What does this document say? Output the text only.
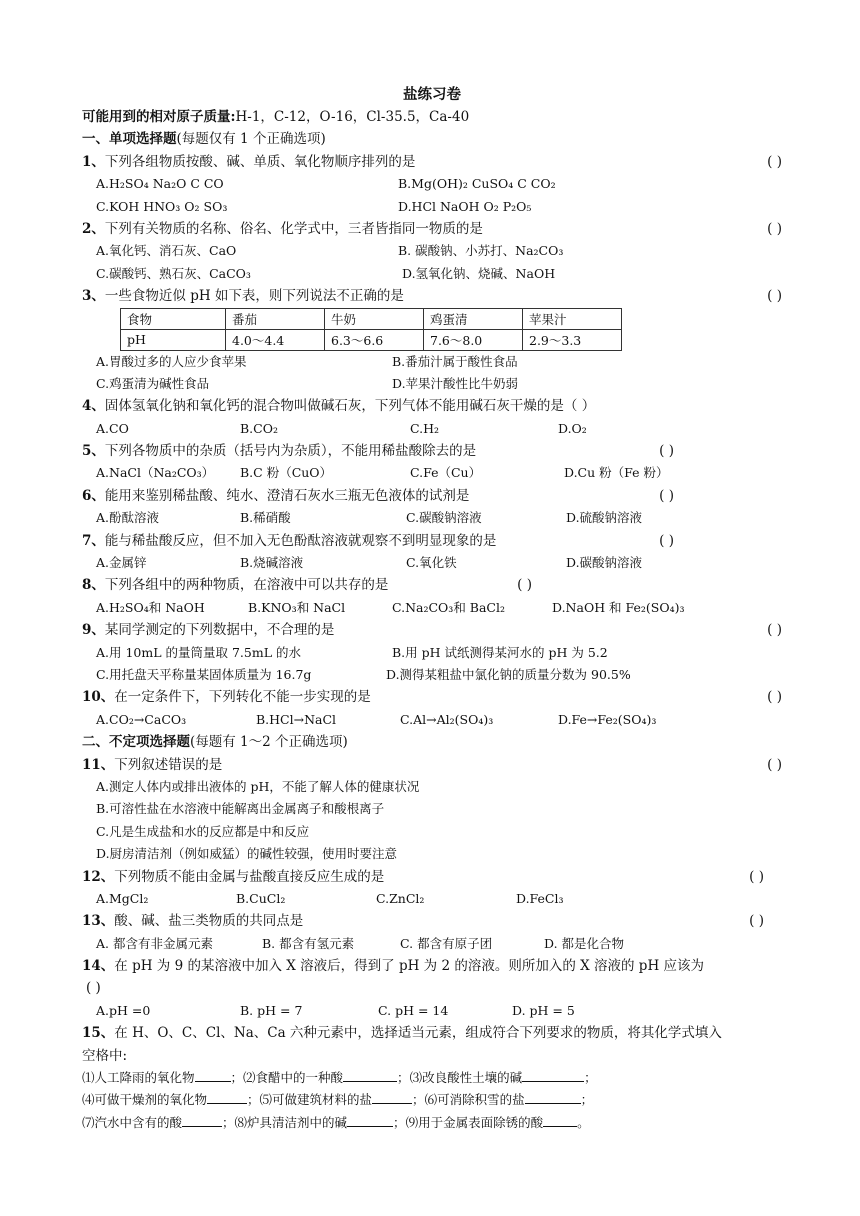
盐练习卷
可能用到的相对原子质量:H-1，C-12，O-16，Cl-35.5，Ca-40
一、单项选择题(每题仅有 1 个正确选项)
1、下列各组物质按酸、碱、单质、氧化物顺序排列的是	( )
A.H₂SO₄ Na₂O C CO	B.Mg(OH)₂ CuSO₄ C CO₂
C.KOH HNO₃ O₂ SO₃	D.HCl NaOH O₂ P₂O₅
2、下列有关物质的名称、俗名、化学式中，三者皆指同一物质的是	( )
A.氧化钙、消石灰、CaO	B. 碳酸钠、小苏打、Na₂CO₃
C.碳酸钙、熟石灰、CaCO₃	D.氢氧化钠、烧碱、NaOH
3、一些食物近似 pH 如下表，则下列说法不正确的是	( )
食物	番茄	牛奶	鸡蛋清	苹果汁
pH	4.0～4.4	6.3～6.6	7.6～8.0	2.9～3.3
A.胃酸过多的人应少食苹果	B.番茄汁属于酸性食品
C.鸡蛋清为碱性食品	D.苹果汁酸性比牛奶弱
4、固体氢氧化钠和氧化钙的混合物叫做碱石灰，下列气体不能用碱石灰干燥的是（ ）
A.CO	B.CO₂	C.H₂	D.O₂
5、下列各物质中的杂质（括号内为杂质），不能用稀盐酸除去的是	( )
A.NaCl（Na₂CO₃） B.C 粉（CuO）	C.Fe（Cu）	D.Cu 粉（Fe 粉）
6、能用来鉴别稀盐酸、纯水、澄清石灰水三瓶无色液体的试剂是	( )
A.酚酞溶液	B.稀硝酸	C.碳酸钠溶液	D.硫酸钠溶液
7、能与稀盐酸反应，但不加入无色酚酞溶液就观察不到明显现象的是	( )
A.金属锌	B.烧碱溶液	C.氧化铁	D.碳酸钠溶液
8、下列各组中的两种物质，在溶液中可以共存的是	( )
A.H₂SO₄和 NaOH	B.KNO₃和 NaCl	C.Na₂CO₃和 BaCl₂	D.NaOH 和 Fe₂(SO₄)₃
9、某同学测定的下列数据中，不合理的是	( )
A.用 10mL 的量筒量取 7.5mL 的水	B.用 pH 试纸测得某河水的 pH 为 5.2
C.用托盘天平称量某固体质量为 16.7g	D.测得某粗盐中氯化钠的质量分数为 90.5%
10、在一定条件下，下列转化不能一步实现的是	( )
A.CO₂→CaCO₃	B.HCl→NaCl	C.Al→Al₂(SO₄)₃	D.Fe→Fe₂(SO₄)₃
二、不定项选择题(每题有 1～2 个正确选项)
11、下列叙述错误的是	( )
A.测定人体内或排出液体的 pH，不能了解人体的健康状况
B.可溶性盐在水溶液中能解离出金属离子和酸根离子
C.凡是生成盐和水的反应都是中和反应
D.厨房清洁剂（例如威猛）的碱性较强，使用时要注意
12、下列物质不能由金属与盐酸直接反应生成的是	( )
A.MgCl₂	B.CuCl₂	C.ZnCl₂	D.FeCl₃
13、酸、碱、盐三类物质的共同点是	( )
A. 都含有非金属元素	B. 都含有氢元素	C. 都含有原子团	D. 都是化合物
14、在 pH 为 9 的某溶液中加入 X 溶液后，得到了 pH 为 2 的溶液。则所加入的 X 溶液的 pH 应该为
( )
A.pH =0	B. pH = 7	C. pH = 14	D. pH = 5
15、在 H、O、C、Cl、Na、Ca 六种元素中，选择适当元素，组成符合下列要求的物质，将其化学式填入
空格中:
⑴人工降雨的氧化物	；⑵食醋中的一种酸	；⑶改良酸性土壤的碱	；
⑷可做干燥剂的氧化物	；⑸可做建筑材料的盐	；⑹可消除积雪的盐	；
⑺汽水中含有的酸	；⑻炉具清洁剂中的碱	；⑼用于金属表面除锈的酸	。
